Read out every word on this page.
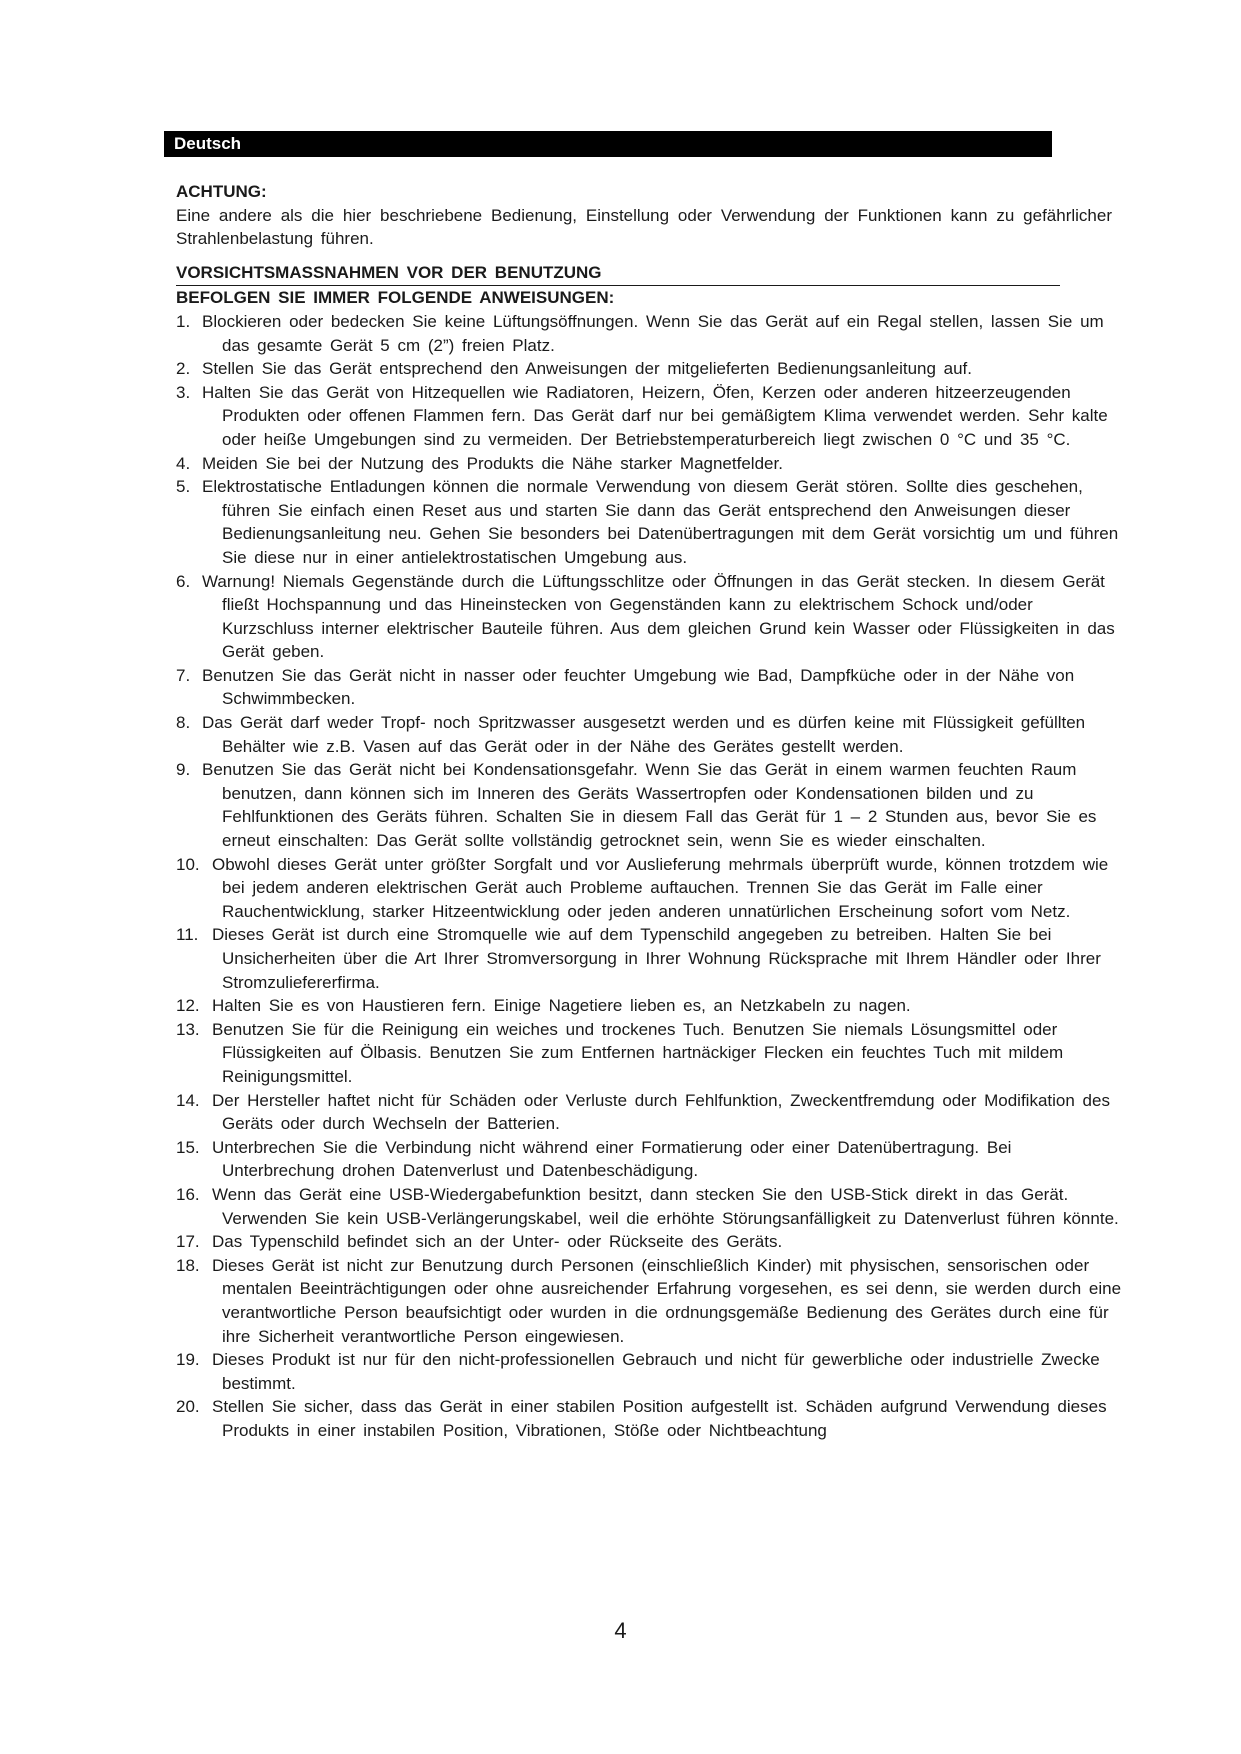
Deutsch

ACHTUNG:

Eine andere als die hier beschriebene Bedienung, Einstellung oder Verwendung der Funktionen kann zu gefährlicher Strahlenbelastung führen.

VORSICHTSMASSNAHMEN VOR DER BENUTZUNG
BEFOLGEN SIE IMMER FOLGENDE ANWEISUNGEN:
1. Blockieren oder bedecken Sie keine Lüftungsöffnungen. Wenn Sie das Gerät auf ein Regal stellen, lassen Sie um das gesamte Gerät 5 cm (2”) freien Platz.
2. Stellen Sie das Gerät entsprechend den Anweisungen der mitgelieferten Bedienungsanleitung auf.
3. Halten Sie das Gerät von Hitzequellen wie Radiatoren, Heizern, Öfen, Kerzen oder anderen hitzeerzeugenden Produkten oder offenen Flammen fern. Das Gerät darf nur bei gemäßigtem Klima verwendet werden. Sehr kalte oder heiße Umgebungen sind zu vermeiden. Der Betriebstemperaturbereich liegt zwischen 0 °C und 35 °C.
4. Meiden Sie bei der Nutzung des Produkts die Nähe starker Magnetfelder.
5. Elektrostatische Entladungen können die normale Verwendung von diesem Gerät stören. Sollte dies geschehen, führen Sie einfach einen Reset aus und starten Sie dann das Gerät entsprechend den Anweisungen dieser Bedienungsanleitung neu. Gehen Sie besonders bei Datenübertragungen mit dem Gerät vorsichtig um und führen Sie diese nur in einer antielektrostatischen Umgebung aus.
6. Warnung! Niemals Gegenstände durch die Lüftungsschlitze oder Öffnungen in das Gerät stecken. In diesem Gerät fließt Hochspannung und das Hineinstecken von Gegenständen kann zu elektrischem Schock und/oder Kurzschluss interner elektrischer Bauteile führen. Aus dem gleichen Grund kein Wasser oder Flüssigkeiten in das Gerät geben.
7. Benutzen Sie das Gerät nicht in nasser oder feuchter Umgebung wie Bad, Dampfküche oder in der Nähe von Schwimmbecken.
8. Das Gerät darf weder Tropf- noch Spritzwasser ausgesetzt werden und es dürfen keine mit Flüssigkeit gefüllten Behälter wie z.B. Vasen auf das Gerät oder in der Nähe des Gerätes gestellt werden.
9. Benutzen Sie das Gerät nicht bei Kondensationsgefahr. Wenn Sie das Gerät in einem warmen feuchten Raum benutzen, dann können sich im Inneren des Geräts Wassertropfen oder Kondensationen bilden und zu Fehlfunktionen des Geräts führen. Schalten Sie in diesem Fall das Gerät für 1 – 2 Stunden aus, bevor Sie es erneut einschalten: Das Gerät sollte vollständig getrocknet sein, wenn Sie es wieder einschalten.
10. Obwohl dieses Gerät unter größter Sorgfalt und vor Auslieferung mehrmals überprüft wurde, können trotzdem wie bei jedem anderen elektrischen Gerät auch Probleme auftauchen. Trennen Sie das Gerät im Falle einer Rauchentwicklung, starker Hitzeentwicklung oder jeden anderen unnatürlichen Erscheinung sofort vom Netz.
11. Dieses Gerät ist durch eine Stromquelle wie auf dem Typenschild angegeben zu betreiben. Halten Sie bei Unsicherheiten über die Art Ihrer Stromversorgung in Ihrer Wohnung Rücksprache mit Ihrem Händler oder Ihrer Stromzuliefererfirma.
12. Halten Sie es von Haustieren fern. Einige Nagetiere lieben es, an Netzkabeln zu nagen.
13. Benutzen Sie für die Reinigung ein weiches und trockenes Tuch. Benutzen Sie niemals Lösungsmittel oder Flüssigkeiten auf Ölbasis. Benutzen Sie zum Entfernen hartnäckiger Flecken ein feuchtes Tuch mit mildem Reinigungsmittel.
14. Der Hersteller haftet nicht für Schäden oder Verluste durch Fehlfunktion, Zweckentfremdung oder Modifikation des Geräts oder durch Wechseln der Batterien.
15. Unterbrechen Sie die Verbindung nicht während einer Formatierung oder einer Datenübertragung. Bei Unterbrechung drohen Datenverlust und Datenbeschädigung.
16. Wenn das Gerät eine USB-Wiedergabefunktion besitzt, dann stecken Sie den USB-Stick direkt in das Gerät. Verwenden Sie kein USB-Verlängerungskabel, weil die erhöhte Störungsanfälligkeit zu Datenverlust führen könnte.
17. Das Typenschild befindet sich an der Unter- oder Rückseite des Geräts.
18. Dieses Gerät ist nicht zur Benutzung durch Personen (einschließlich Kinder) mit physischen, sensorischen oder mentalen Beeinträchtigungen oder ohne ausreichender Erfahrung vorgesehen, es sei denn, sie werden durch eine verantwortliche Person beaufsichtigt oder wurden in die ordnungsgemäße Bedienung des Gerätes durch eine für ihre Sicherheit verantwortliche Person eingewiesen.
19. Dieses Produkt ist nur für den nicht-professionellen Gebrauch und nicht für gewerbliche oder industrielle Zwecke bestimmt.
20. Stellen Sie sicher, dass das Gerät in einer stabilen Position aufgestellt ist. Schäden aufgrund Verwendung dieses Produkts in einer instabilen Position, Vibrationen, Stöße oder Nichtbeachtung
4
